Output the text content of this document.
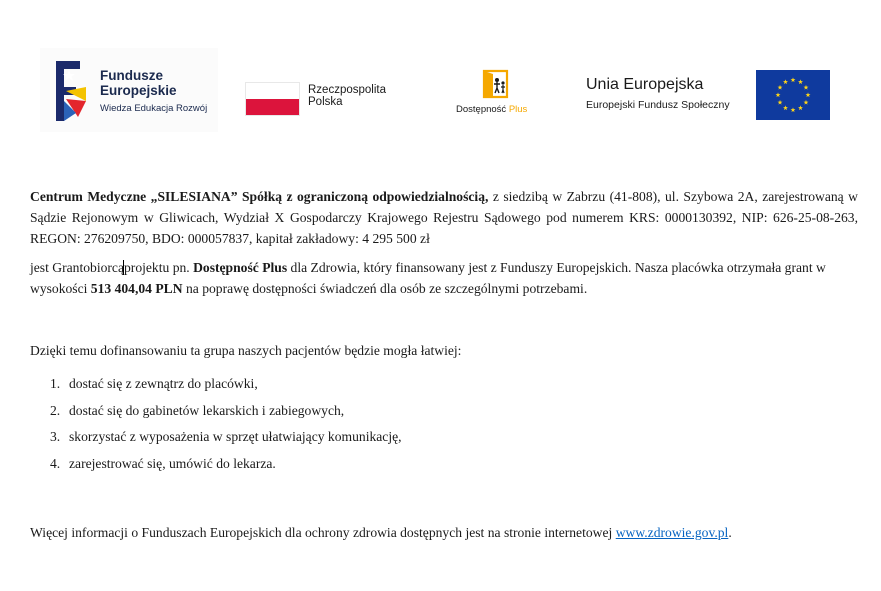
Fundusze
Europejskie
Wiedza Edukacja Rozwój
Rzeczpospolita
Polska
Dostępność Plus
Unia Europejska
Europejski Fundusz Społeczny

Centrum Medyczne „SILESIANA” Spółką z ograniczoną odpowiedzialnością, z siedzibą w Zabrzu (41-808), ul. Szybowa 2A, zarejestrowaną w Sądzie Rejonowym w Gliwicach, Wydział X Gospodarczy Krajowego Rejestru Sądowego pod numerem KRS: 0000130392, NIP: 626-25-08-263, REGON: 276209750, BDO: 000057837, kapitał zakładowy: 4 295 500 zł

jest Grantobiorcąprojektu pn. Dostępność Plus dla Zdrowia, który finansowany jest z Funduszy Europejskich. Nasza placówka otrzymała grant w wysokości 513 404,04 PLN na poprawę dostępności świadczeń dla osób ze szczególnymi potrzebami.

Dzięki temu dofinansowaniu ta grupa naszych pacjentów będzie mogła łatwiej:

1. dostać się z zewnątrz do placówki,
2. dostać się do gabinetów lekarskich i zabiegowych,
3. skorzystać z wyposażenia w sprzęt ułatwiający komunikację,
4. zarejestrować się, umówić do lekarza.

Więcej informacji o Funduszach Europejskich dla ochrony zdrowia dostępnych jest na stronie internetowej www.zdrowie.gov.pl.
